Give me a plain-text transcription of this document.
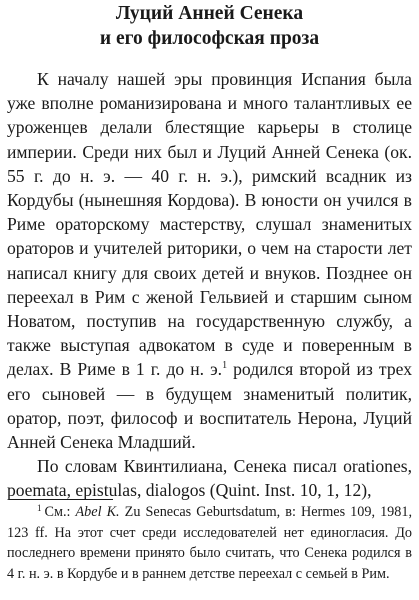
Луций Анней Сенека
и его философская проза

К началу нашей эры провинция Испания была уже вполне романизирована и много талантливых ее уроженцев делали блестящие карьеры в столице империи. Среди них был и Луций Анней Сенека (ок. 55 г. до н. э. — 40 г. н. э.), римский всадник из Кордубы (нынешняя Кордова). В юности он учился в Риме ораторскому мастерству, слушал знаменитых ораторов и учителей риторики, о чем на старости лет написал книгу для своих детей и внуков. Позднее он переехал в Рим с женой Гельвией и старшим сыном Новатом, поступив на государственную службу, а также выступая адвокатом в суде и поверенным в делах. В Риме в 1 г. до н. э.$^1$ родился второй из трех его сыновей — в будущем знаменитый политик, оратор, поэт, философ и воспитатель Нерона, Луций Анней Сенека Младший.

По словам Квинтилиана, Сенека писал orationes, poemata, epistulas, dialogos (Quint. Inst. 10, 1, 12),

$^1$ См.: Abel K. Zu Senecas Geburtsdatum, в: Hermes 109, 1981, 123 ff. На этот счет среди исследователей нет единогласия. До последнего времени принято было считать, что Сенека родился в 4 г. н. э. в Кордубе и в раннем детстве переехал с семьей в Рим.
